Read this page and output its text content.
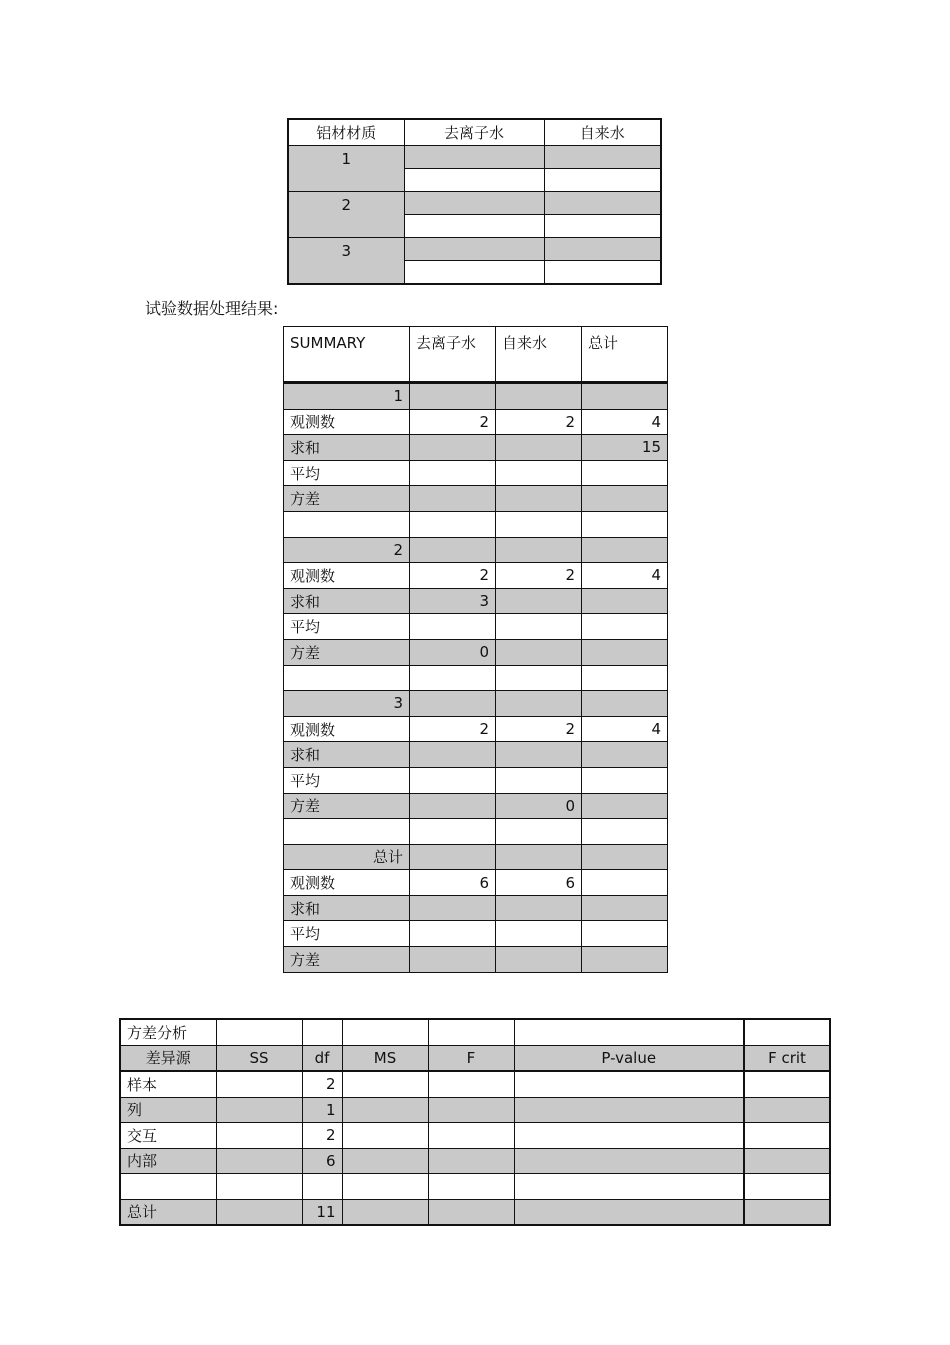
铝材材质	去离子水	自来水
1		

2		

3		

试验数据处理结果:
SUMMARY	去离子水	自来水	总计
1			
观测数	2	2	4
求和			15
平均			
方差			

2			
观测数	2	2	4
求和	3		
平均			
方差	0		

3			
观测数	2	2	4
求和			
平均			
方差		0	

总计			
观测数	6	6	
求和			
平均			
方差			
方差分析						
差异源	SS	df	MS	F	P-value	F crit
样本		2				
列		1				
交互		2				
内部		6				

总计		11				
